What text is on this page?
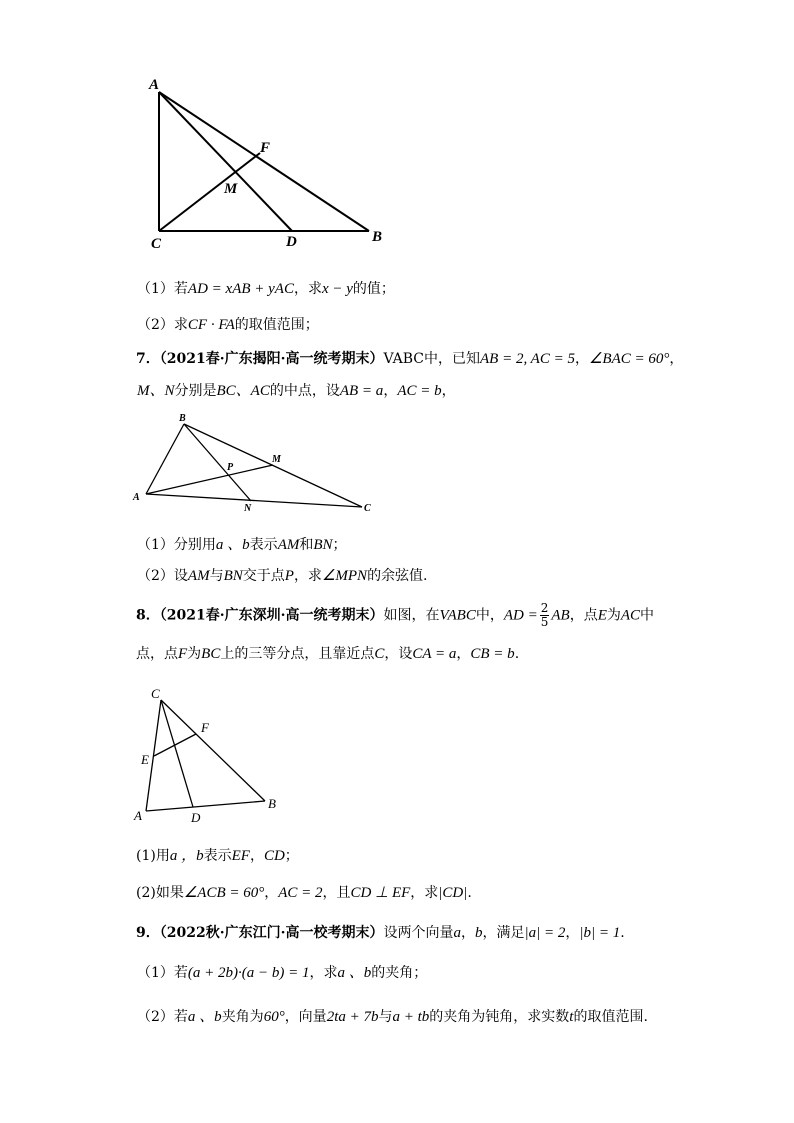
A
F
M
C	D	B
（1）若AD = xAB + yAC，求x − y的值；
（2）求CF · FA的取值范围；
7．（2021春·广东揭阳·高一统考期末）VABC中，已知AB = 2, AC = 5，∠BAC = 60°，
M、N分别是BC、AC的中点，设AB = a，AC = b，
B
M
P
A
N	C
（1）分别用a 、b表示AM和BN；
（2）设AM与BN交于点P，求∠MPN的余弦值.
8．（2021春·广东深圳·高一统考期末）如图，在VABC中，AD = $\frac{2}{5}$ AB，点E为AC中
点，点F为BC上的三等分点，且靠近点C，设CA = a，CB = b.
C
F
E
A	D
B
(1)用a ，b表示EF，CD；
(2)如果∠ACB = 60°，AC = 2，且CD ⊥ EF，求|CD|.
9．（2022秋·广东江门·高一校考期末）设两个向量a，b，满足|a| = 2，|b| = 1.
（1）若(a + 2b)·(a − b) = 1，求a 、b的夹角；
（2）若a 、b夹角为60°，向量2ta + 7b与a + tb的夹角为钝角，求实数t的取值范围.
